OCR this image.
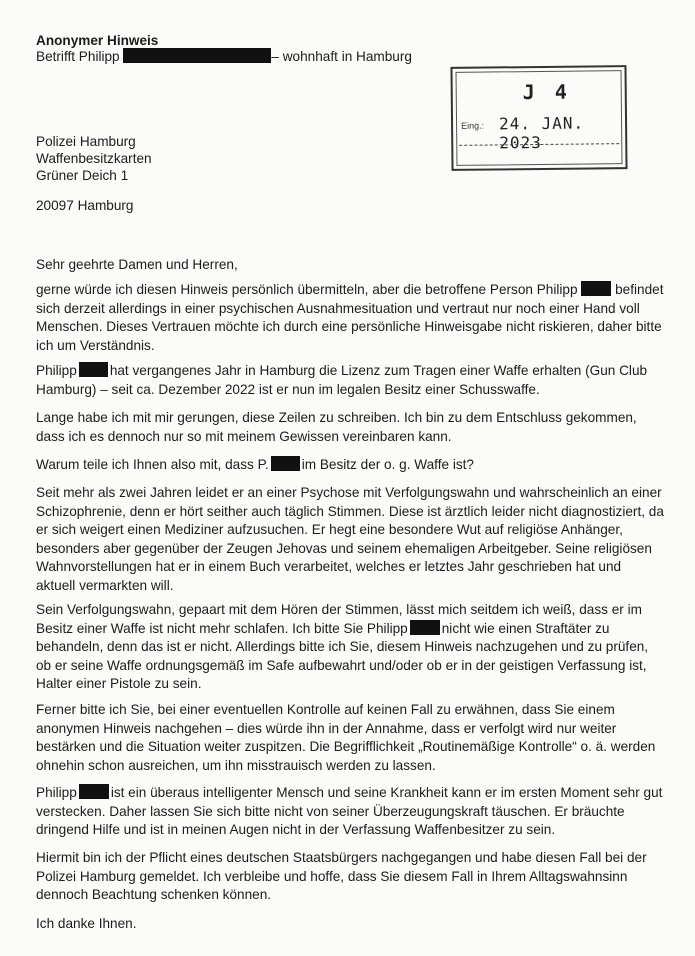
Anonymer Hinweis
Betrifft Philipp	– wohnhaft in Hamburg
J 4
Eing.: 24. JAN. 2023
Polizei Hamburg
Waffenbesitzkarten
Grüner Deich 1
20097 Hamburg
Sehr geehrte Damen und Herren,

gerne würde ich diesen Hinweis persönlich übermitteln, aber die betroffene Person Philipp	befindet sich derzeit allerdings in einer psychischen Ausnahmesituation und vertraut nur noch einer Hand voll Menschen. Dieses Vertrauen möchte ich durch eine persönliche Hinweisgabe nicht riskieren, daher bitte ich um Verständnis.

Philipp hat vergangenes Jahr in Hamburg die Lizenz zum Tragen einer Waffe erhalten (Gun Club Hamburg) – seit ca. Dezember 2022 ist er nun im legalen Besitz einer Schusswaffe.

Lange habe ich mit mir gerungen, diese Zeilen zu schreiben. Ich bin zu dem Entschluss gekommen, dass ich es dennoch nur so mit meinem Gewissen vereinbaren kann.

Warum teile ich Ihnen also mit, dass P. im Besitz der o. g. Waffe ist?

Seit mehr als zwei Jahren leidet er an einer Psychose mit Verfolgungswahn und wahrscheinlich an einer Schizophrenie, denn er hört seither auch täglich Stimmen. Diese ist ärztlich leider nicht diagnostiziert, da er sich weigert einen Mediziner aufzusuchen. Er hegt eine besondere Wut auf religiöse Anhänger, besonders aber gegenüber der Zeugen Jehovas und seinem ehemaligen Arbeitgeber. Seine religiösen Wahnvorstellungen hat er in einem Buch verarbeitet, welches er letztes Jahr geschrieben hat und aktuell vermarkten will.

Sein Verfolgungswahn, gepaart mit dem Hören der Stimmen, lässt mich seitdem ich weiß, dass er im Besitz einer Waffe ist nicht mehr schlafen. Ich bitte Sie Philipp	nicht wie einen Straftäter zu behandeln, denn das ist er nicht. Allerdings bitte ich Sie, diesem Hinweis nachzugehen und zu prüfen, ob er seine Waffe ordnungsgemäß im Safe aufbewahrt und/oder ob er in der geistigen Verfassung ist, Halter einer Pistole zu sein.

Ferner bitte ich Sie, bei einer eventuellen Kontrolle auf keinen Fall zu erwähnen, dass Sie einem anonymen Hinweis nachgehen – dies würde ihn in der Annahme, dass er verfolgt wird nur weiter bestärken und die Situation weiter zuspitzen. Die Begrifflichkeit „Routinemäßige Kontrolle“ o. ä. werden ohnehin schon ausreichen, um ihn misstrauisch werden zu lassen.

Philipp	ist ein überaus intelligenter Mensch und seine Krankheit kann er im ersten Moment sehr gut verstecken. Daher lassen Sie sich bitte nicht von seiner Überzeugungskraft täuschen. Er bräuchte dringend Hilfe und ist in meinen Augen nicht in der Verfassung Waffenbesitzer zu sein.

Hiermit bin ich der Pflicht eines deutschen Staatsbürgers nachgegangen und habe diesen Fall bei der Polizei Hamburg gemeldet. Ich verbleibe und hoffe, dass Sie diesem Fall in Ihrem Alltagswahnsinn dennoch Beachtung schenken können.

Ich danke Ihnen.
